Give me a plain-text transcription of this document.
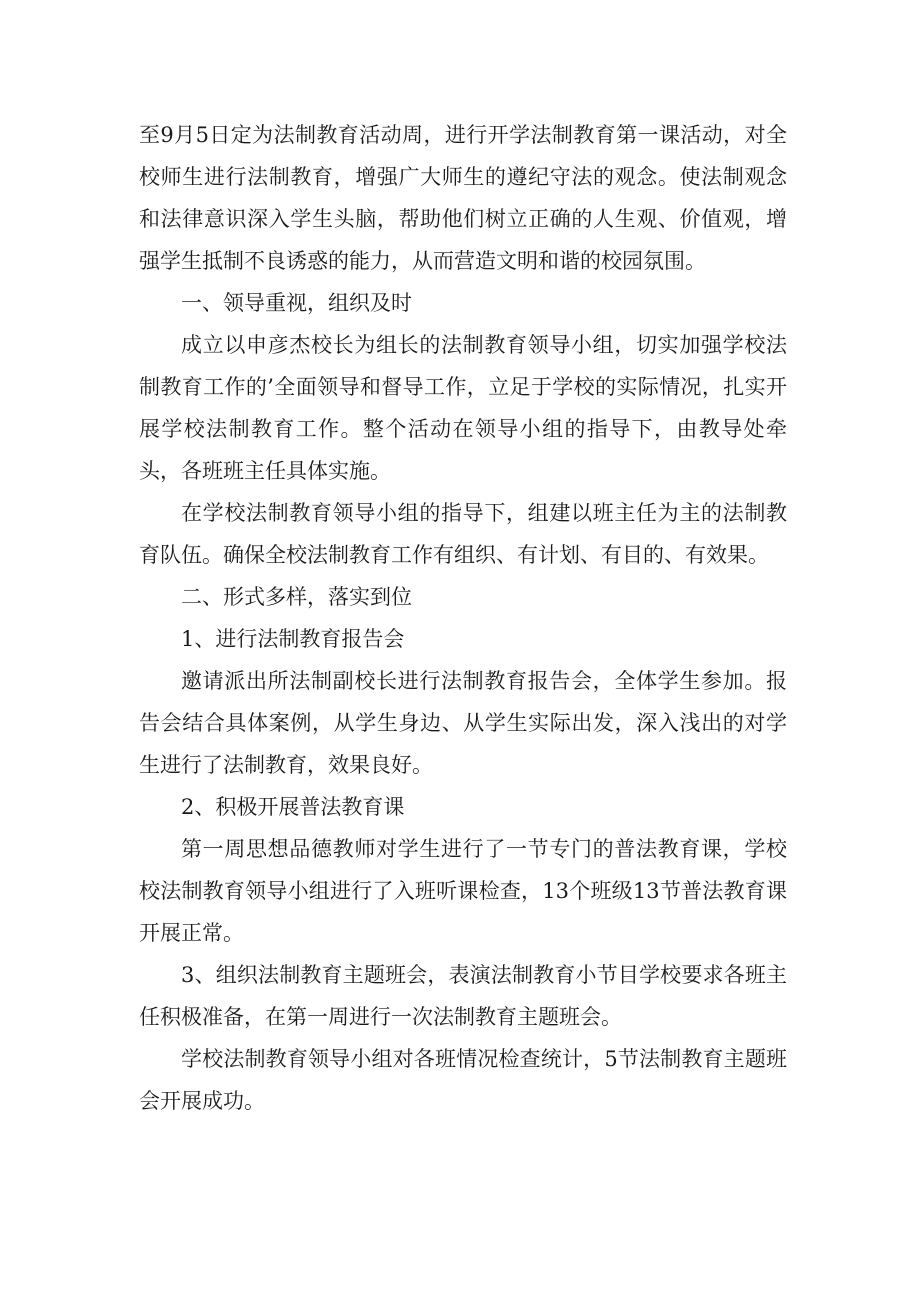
至9月5日定为法制教育活动周，进行开学法制教育第一课活动，对全校师生进行法制教育，增强广大师生的遵纪守法的观念。使法制观念和法律意识深入学生头脑，帮助他们树立正确的人生观、价值观，增强学生抵制不良诱惑的能力，从而营造文明和谐的校园氛围。

一、领导重视，组织及时

成立以申彦杰校长为组长的法制教育领导小组，切实加强学校法制教育工作的’全面领导和督导工作，立足于学校的实际情况，扎实开展学校法制教育工作。整个活动在领导小组的指导下，由教导处牵头，各班班主任具体实施。

在学校法制教育领导小组的指导下，组建以班主任为主的法制教育队伍。确保全校法制教育工作有组织、有计划、有目的、有效果。

二、形式多样，落实到位

1、进行法制教育报告会

邀请派出所法制副校长进行法制教育报告会，全体学生参加。报告会结合具体案例，从学生身边、从学生实际出发，深入浅出的对学生进行了法制教育，效果良好。

2、积极开展普法教育课

第一周思想品德教师对学生进行了一节专门的普法教育课，学校校法制教育领导小组进行了入班听课检查，13个班级13节普法教育课开展正常。

3、组织法制教育主题班会，表演法制教育小节目学校要求各班主任积极准备，在第一周进行一次法制教育主题班会。

学校法制教育领导小组对各班情况检查统计，5节法制教育主题班会开展成功。
